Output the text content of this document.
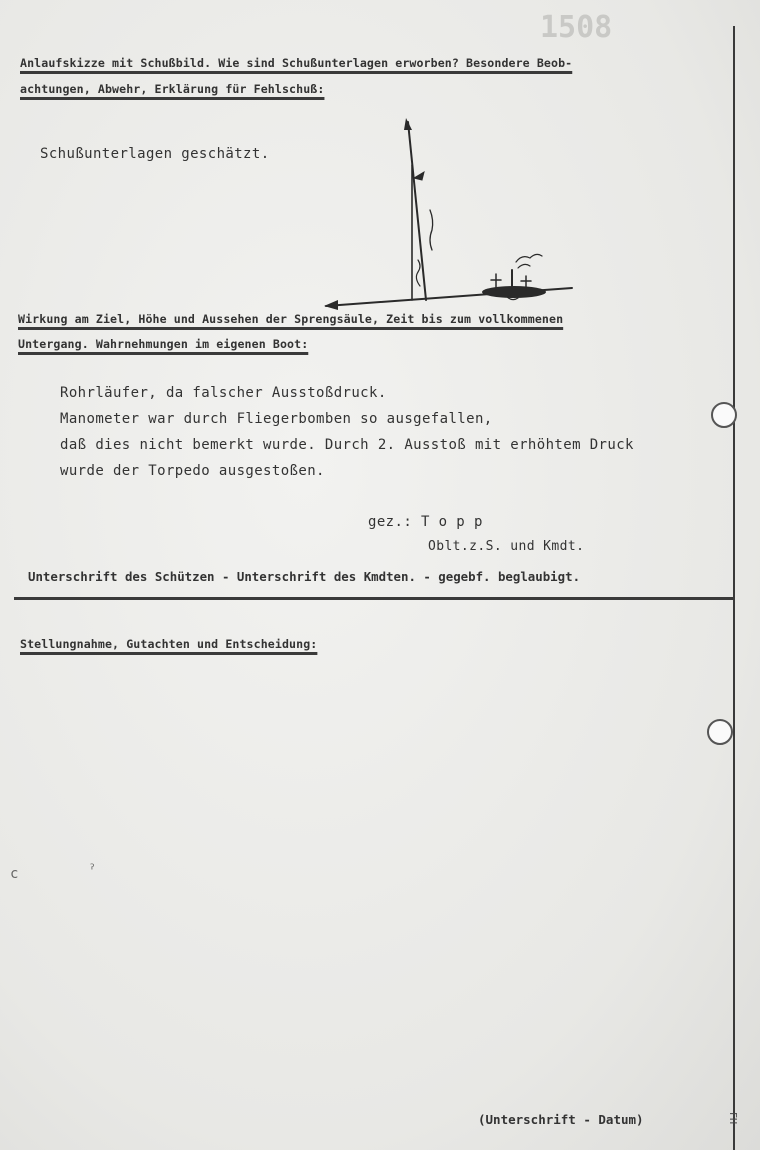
1508
Anlaufskizze mit Schußbild. Wie sind Schußunterlagen erworben? Besondere Beob-
achtungen, Abwehr, Erklärung für Fehlschuß:
Schußunterlagen geschätzt.
Wirkung am Ziel, Höhe und Aussehen der Sprengsäule, Zeit bis zum vollkommenen
Untergang. Wahrnehmungen im eigenen Boot:
Rohrläufer, da falscher Ausstoßdruck.
Manometer war durch Fliegerbomben so ausgefallen,
daß dies nicht bemerkt wurde. Durch 2. Ausstoß mit erhöhtem Druck
wurde der Torpedo ausgestoßen.
gez.: T o p p
Oblt.z.S. und Kmdt.
Unterschrift des Schützen - Unterschrift des Kmdten. - gegebf. beglaubigt.
Stellungnahme, Gutachten und Entscheidung:
c	ˀ
(Unterschrift - Datum)	FH
